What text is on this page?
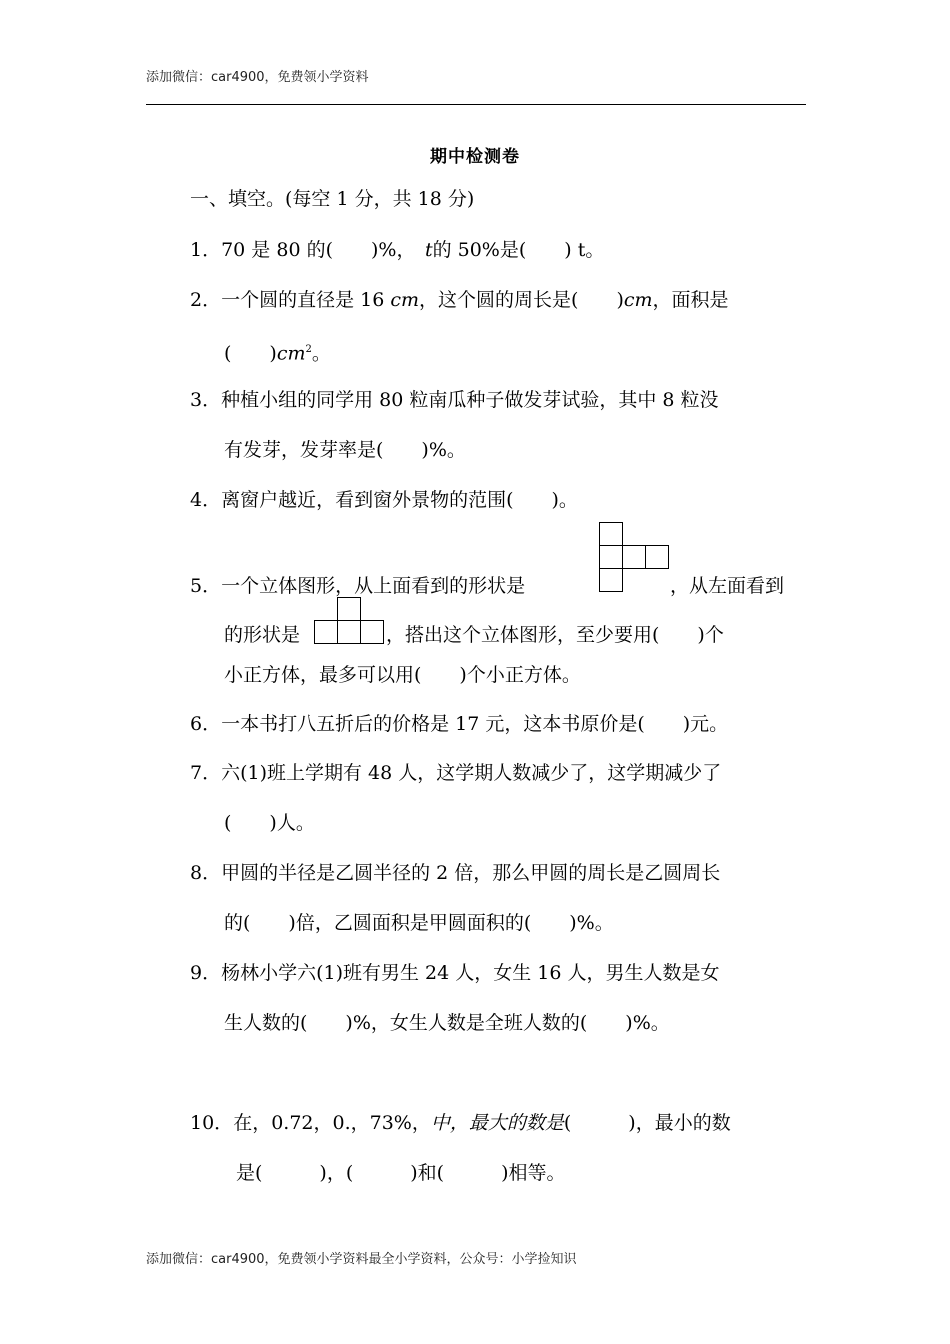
添加微信：car4900，免费领小学资料
期中检测卷
一、填空。(每空 1 分，共 18 分)
1．70 是 80 的(　　)%，　t的 50%是(　　) t。
2．一个圆的直径是 16 cm，这个圆的周长是(　　)cm，面积是
(　　)$cm^2$。
3．种植小组的同学用 80 粒南瓜种子做发芽试验，其中 8 粒没
有发芽，发芽率是(　　)%。
4．离窗户越近，看到窗外景物的范围(　　)。
5．一个立体图形，从上面看到的形状是	，从左面看到
的形状是	，搭出这个立体图形，至少要用(　　)个
小正方体，最多可以用(　　)个小正方体。
6．一本书打八五折后的价格是 17 元，这本书原价是(　　)元。
7．六(1)班上学期有 48 人，这学期人数减少了，这学期减少了
(　　)人。
8．甲圆的半径是乙圆半径的 2 倍，那么甲圆的周长是乙圆周长
的(　　)倍，乙圆面积是甲圆面积的(　　)%。
9．杨林小学六(1)班有男生 24 人，女生 16 人，男生人数是女
生人数的(　　)%，女生人数是全班人数的(　　)%。
10．在，0.72，0.，73%，中，最大的数是(　　　)，最小的数
是(　　　)，(　　　)和(　　　)相等。
添加微信：car4900，免费领小学资料最全小学资料，公众号：小学捡知识
